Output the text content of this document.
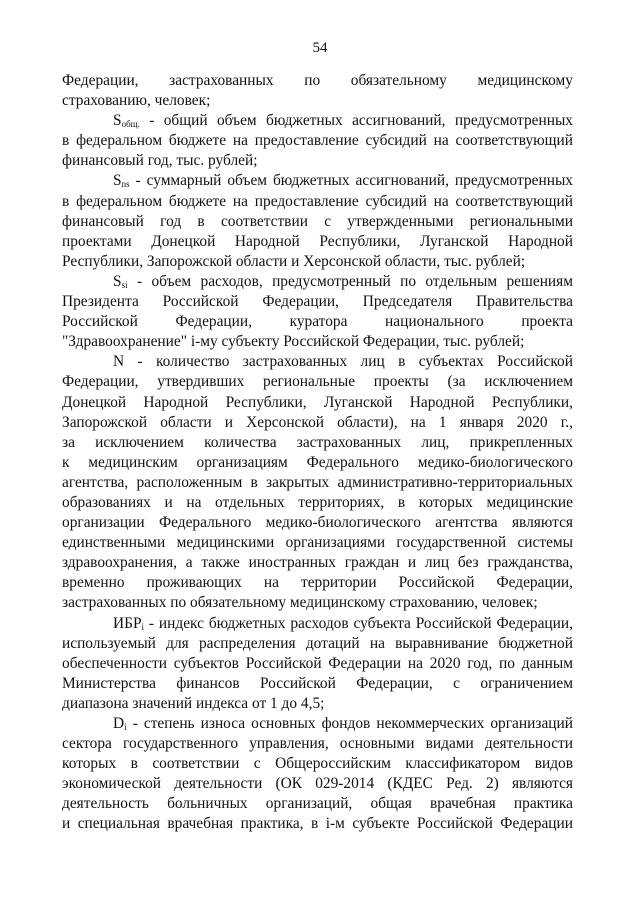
54
Федерации, застрахованных по обязательному медицинскому
страхованию, человек;
$S_{общ.}$ - общий объем бюджетных ассигнований, предусмотренных
в федеральном бюджете на предоставление субсидий на соответствующий
финансовый год, тыс. рублей;
$S_{ns}$ - суммарный объем бюджетных ассигнований, предусмотренных
в федеральном бюджете на предоставление субсидий на соответствующий
финансовый год в соответствии с утвержденными региональными
проектами Донецкой Народной Республики, Луганской Народной
Республики, Запорожской области и Херсонской области, тыс. рублей;
$S_{si}$ - объем расходов, предусмотренный по отдельным решениям
Президента Российской Федерации, Председателя Правительства
Российской Федерации, куратора национального проекта
"Здравоохранение" i-му субъекту Российской Федерации, тыс. рублей;
N - количество застрахованных лиц в субъектах Российской
Федерации, утвердивших региональные проекты (за исключением
Донецкой Народной Республики, Луганской Народной Республики,
Запорожской области и Херсонской области), на 1 января 2020 г.,
за исключением количества застрахованных лиц, прикрепленных
к медицинским организациям Федерального медико-биологического
агентства, расположенным в закрытых административно-территориальных
образованиях и на отдельных территориях, в которых медицинские
организации Федерального медико-биологического агентства являются
единственными медицинскими организациями государственной системы
здравоохранения, а также иностранных граждан и лиц без гражданства,
временно проживающих на территории Российской Федерации,
застрахованных по обязательному медицинскому страхованию, человек;
$ИБР_i$ - индекс бюджетных расходов субъекта Российской Федерации,
используемый для распределения дотаций на выравнивание бюджетной
обеспеченности субъектов Российской Федерации на 2020 год, по данным
Министерства финансов Российской Федерации, с ограничением
диапазона значений индекса от 1 до 4,5;
$D_i$ - степень износа основных фондов некоммерческих организаций
сектора государственного управления, основными видами деятельности
которых в соответствии с Общероссийским классификатором видов
экономической деятельности (ОК 029-2014 (КДЕС Ред. 2) являются
деятельность больничных организаций, общая врачебная практика
и специальная врачебная практика, в i-м субъекте Российской Федерации
